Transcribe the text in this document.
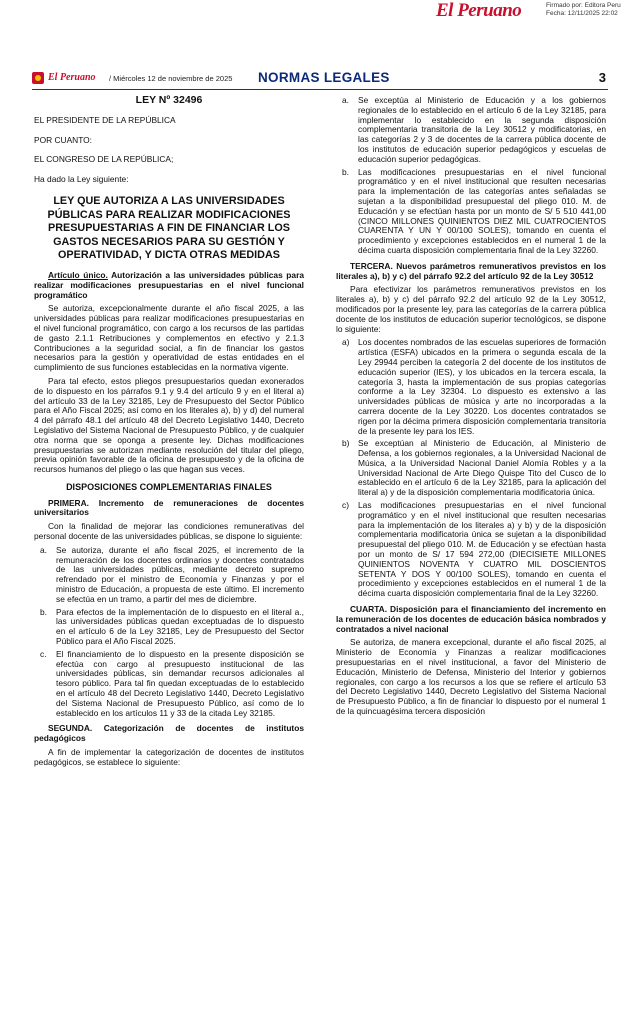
El Peruano	Firmado por: Editora Peru
Fecha: 12/11/2025 22:02
El Peruano / Miércoles 12 de noviembre de 2025 NORMAS LEGALES	3

LEY Nº 32496

EL PRESIDENTE DE LA REPÚBLICA

POR CUANTO:

EL CONGRESO DE LA REPÚBLICA;

Ha dado la Ley siguiente:

LEY QUE AUTORIZA A LAS UNIVERSIDADES PÚBLICAS PARA REALIZAR MODIFICACIONES PRESUPUESTARIAS A FIN DE FINANCIAR LOS GASTOS NECESARIOS PARA SU GESTIÓN Y OPERATIVIDAD, Y DICTA OTRAS MEDIDAS

Artículo único. Autorización a las universidades públicas para realizar modificaciones presupuestarias en el nivel funcional programático

Se autoriza, excepcionalmente durante el año fiscal 2025, a las universidades públicas para realizar modificaciones presupuestarias en el nivel funcional programático, con cargo a los recursos de las partidas de gasto 2.1.1 Retribuciones y complementos en efectivo y 2.1.3 Contribuciones a la seguridad social, a fin de financiar los gastos necesarios para la gestión y operatividad de estas entidades en el cumplimiento de sus funciones establecidas en la normativa vigente.

Para tal efecto, estos pliegos presupuestarios quedan exonerados de lo dispuesto en los párrafos 9.1 y 9.4 del artículo 9 y en el literal a) del artículo 33 de la Ley 32185, Ley de Presupuesto del Sector Público para el Año Fiscal 2025; así como en los literales a), b) y d) del numeral 4 del párrafo 48.1 del artículo 48 del Decreto Legislativo 1440, Decreto Legislativo del Sistema Nacional de Presupuesto Público, y de cualquier otra norma que se oponga a presente ley. Dichas modificaciones presupuestarias se autorizan mediante resolución del titular del pliego, previa opinión favorable de la oficina de presupuesto y de la oficina de recursos humanos del pliego o las que hagan sus veces.

DISPOSICIONES COMPLEMENTARIAS FINALES

PRIMERA. Incremento de remuneraciones de docentes universitarios

Con la finalidad de mejorar las condiciones remunerativas del personal docente de las universidades públicas, se dispone lo siguiente:

a. Se autoriza, durante el año fiscal 2025, el incremento de la remuneración de los docentes ordinarios y docentes contratados de las universidades públicas, mediante decreto supremo refrendado por el ministro de Economía y Finanzas y por el ministro de Educación, a propuesta de este último. El incremento se efectúa en un tramo, a partir del mes de diciembre.
b. Para efectos de la implementación de lo dispuesto en el literal a., las universidades públicas quedan exceptuadas de lo dispuesto en el artículo 6 de la Ley 32185, Ley de Presupuesto del Sector Público para el Año Fiscal 2025.
c. El financiamiento de lo dispuesto en la presente disposición se efectúa con cargo al presupuesto institucional de las universidades públicas, sin demandar recursos adicionales al tesoro público. Para tal fin quedan exceptuadas de lo establecido en el artículo 48 del Decreto Legislativo 1440, Decreto Legislativo del Sistema Nacional de Presupuesto Público, así como de lo establecido en los artículos 11 y 33 de la citada Ley 32185.

SEGUNDA. Categorización de docentes de institutos pedagógicos

A fin de implementar la categorización de docentes de institutos pedagógicos, se establece lo siguiente:

a. Se exceptúa al Ministerio de Educación y a los gobiernos regionales de lo establecido en el artículo 6 de la Ley 32185, para implementar lo establecido en la segunda disposición complementaria transitoria de la Ley 30512 y modificatorias, en las categorías 2 y 3 de docentes de la carrera pública docente de los institutos de educación superior pedagógicos y escuelas de educación superior pedagógicas.
b. Las modificaciones presupuestarias en el nivel funcional programático y en el nivel institucional que resulten necesarias para la implementación de las categorías antes señaladas se sujetan a la disponibilidad presupuestal del pliego 010. M. de Educación y se efectúan hasta por un monto de S/ 5 510 441,00 (CINCO MILLONES QUINIENTOS DIEZ MIL CUATROCIENTOS CUARENTA Y UN Y 00/100 SOLES), tomando en cuenta el procedimiento y excepciones establecidos en el numeral 1 de la décima cuarta disposición complementaria final de la Ley 32260.

TERCERA. Nuevos parámetros remunerativos previstos en los literales a), b) y c) del párrafo 92.2 del artículo 92 de la Ley 30512

Para efectivizar los parámetros remunerativos previstos en los literales a), b) y c) del párrafo 92.2 del artículo 92 de la Ley 30512, modificados por la presente ley, para las categorías de la carrera pública docente de los institutos de educación superior tecnológicos, se dispone lo siguiente:

a) Los docentes nombrados de las escuelas superiores de formación artística (ESFA) ubicados en la primera o segunda escala de la Ley 29944 perciben la categoría 2 del docente de los institutos de educación superior (IES), y los ubicados en la tercera escala, la categoría 3, hasta la implementación de sus propias categorías conforme a la Ley 32304. Lo dispuesto es extensivo a las universidades públicas de música y arte no incorporadas a la carrera docente de la Ley 30220. Los docentes contratados se rigen por la décima primera disposición complementaria transitoria de la presente ley para los IES.
b) Se exceptúan al Ministerio de Educación, al Ministerio de Defensa, a los gobiernos regionales, a la Universidad Nacional de Música, a la Universidad Nacional Daniel Alomía Robles y a la Universidad Nacional de Arte Diego Quispe Tito del Cusco de lo establecido en el artículo 6 de la Ley 32185, para la aplicación del literal a) y de la disposición complementaria modificatoria única.
c) Las modificaciones presupuestarias en el nivel funcional programático y en el nivel institucional que resulten necesarias para la implementación de los literales a) y b) y de la disposición complementaria modificatoria única se sujetan a la disponibilidad presupuestal del pliego 010. M. de Educación y se efectúan hasta por un monto de S/ 17 594 272,00 (DIECISIETE MILLONES QUINIENTOS NOVENTA Y CUATRO MIL DOSCIENTOS SETENTA Y DOS Y 00/100 SOLES), tomando en cuenta el procedimiento y excepciones establecidos en el numeral 1 de la décima cuarta disposición complementaria final de la Ley 32260.

CUARTA. Disposición para el financiamiento del incremento en la remuneración de los docentes de educación básica nombrados y contratados a nivel nacional

Se autoriza, de manera excepcional, durante el año fiscal 2025, al Ministerio de Economía y Finanzas a realizar modificaciones presupuestarias en el nivel institucional, a favor del Ministerio de Educación, Ministerio de Defensa, Ministerio del Interior y gobiernos regionales, con cargo a los recursos a los que se refiere el artículo 53 del Decreto Legislativo 1440, Decreto Legislativo del Sistema Nacional de Presupuesto Público, a fin de financiar lo dispuesto por el numeral 1 de la quincuagésima tercera disposición
